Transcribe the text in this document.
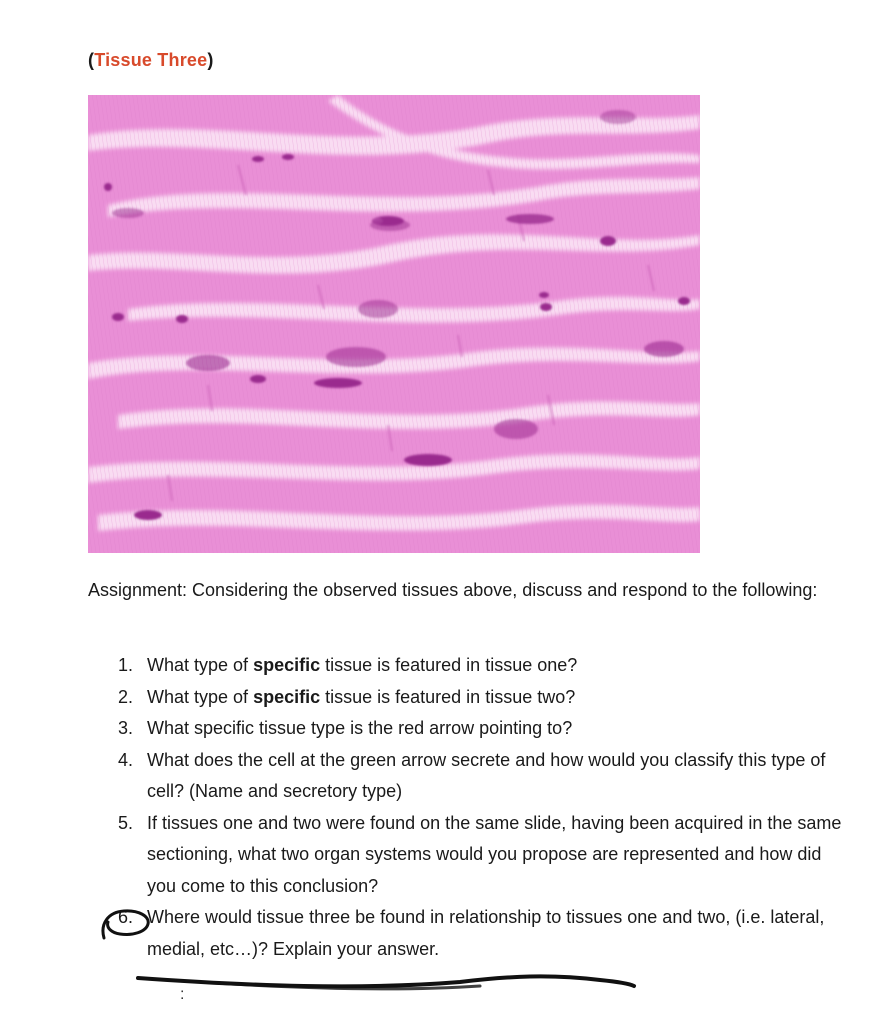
(Tissue Three)
Assignment: Considering the observed tissues above, discuss and respond to the following:
1. What type of specific tissue is featured in tissue one?
2. What type of specific tissue is featured in tissue two?
3. What specific tissue type is the red arrow pointing to?
4. What does the cell at the green arrow secrete and how would you classify this type of cell? (Name and secretory type)
5. If tissues one and two were found on the same slide, having been acquired in the same sectioning, what two organ systems would you propose are represented and how did you come to this conclusion?
6. Where would tissue three be found in relationship to tissues one and two, (i.e. lateral, medial, etc…)? Explain your answer.
:
